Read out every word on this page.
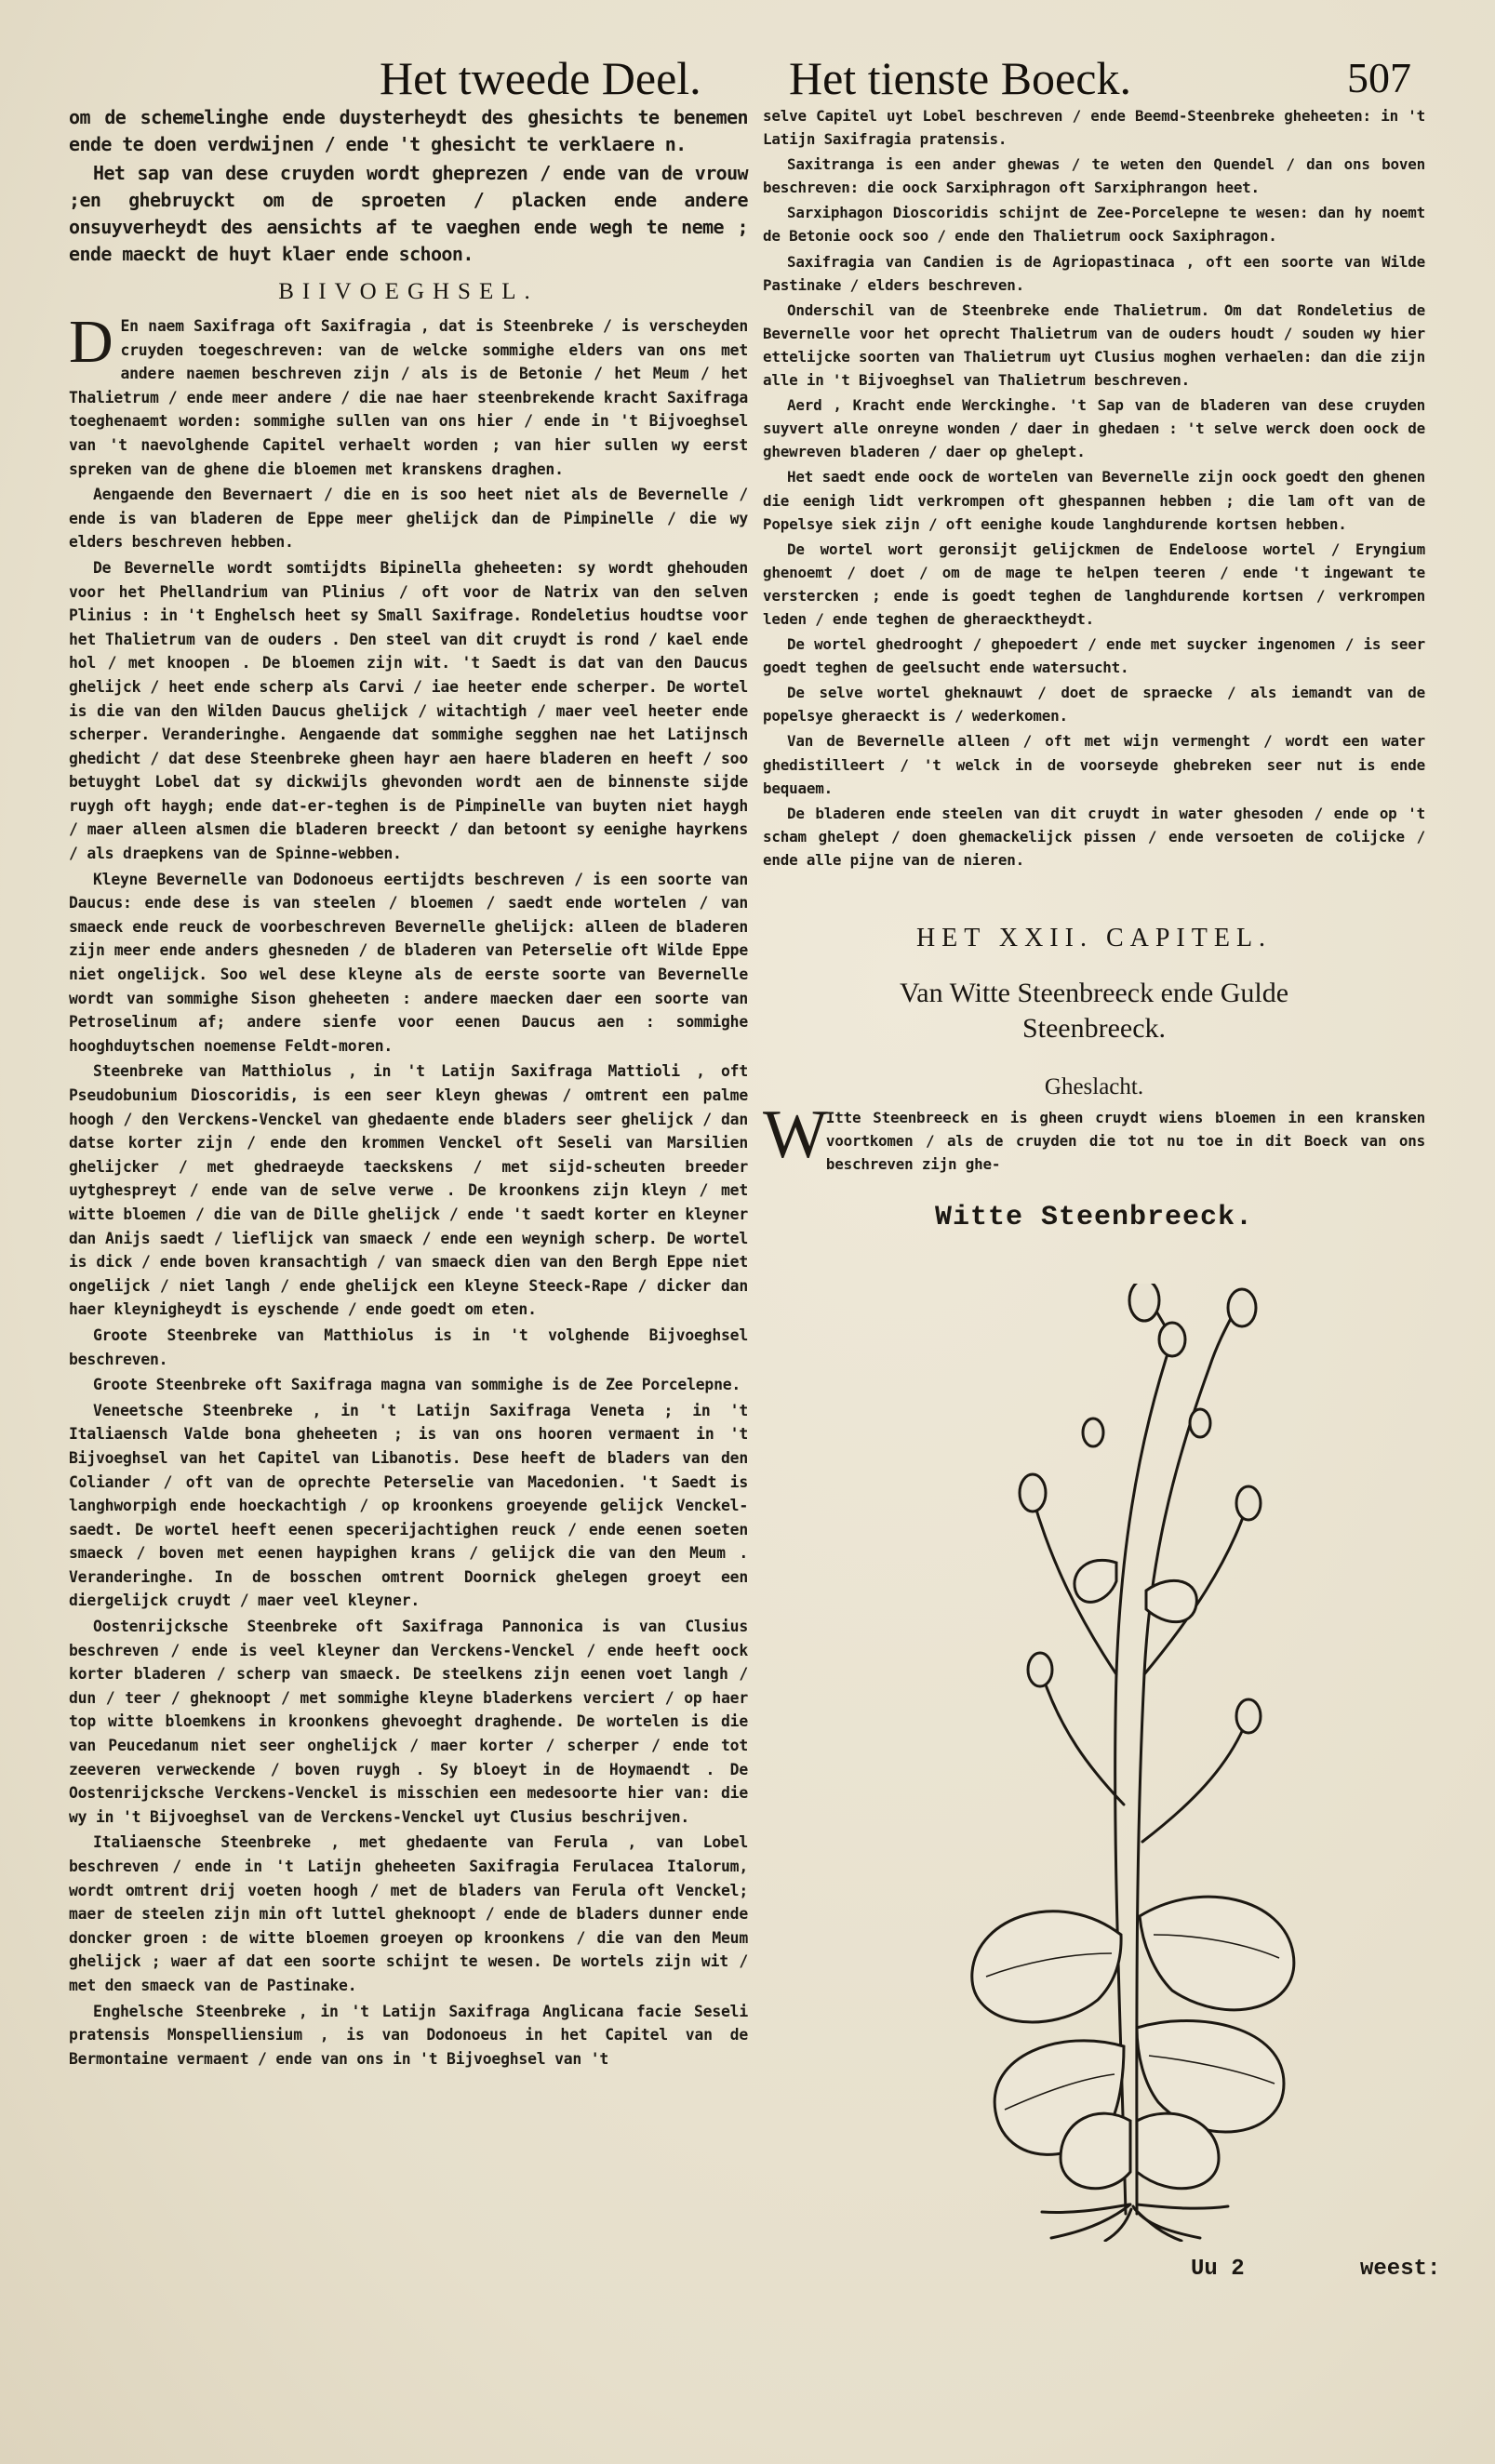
Het tweede Deel. Het tienste Boeck.	507

om de schemelinghe ende duysterheydt des ghesichts te benemen ende te doen verdwijnen / ende 't ghesicht te verklaere n.

Het sap van dese cruyden wordt gheprezen / ende van de vrouw ;en ghebruyckt om de sproeten / placken ende andere onsuyverheydt des aensichts af te vaeghen ende wegh te neme ; ende maeckt de huyt klaer ende schoon.

BIIVOEGHSEL.

D En naem Saxifraga oft Saxifragia , dat is Steenbreke / is verscheyden cruyden toegeschreven: van de welcke sommighe elders van ons met andere naemen beschreven zijn / als is de Betonie / het Meum / het Thalietrum / ende meer andere / die nae haer steenbrekende kracht Saxifraga toeghenaemt worden: sommighe sullen van ons hier / ende in 't Bijvoeghsel van 't naevolghende Capitel verhaelt worden ; van hier sullen wy eerst spreken van de ghene die bloemen met kranskens draghen.

Aengaende den Bevernaert / die en is soo heet niet als de Bevernelle / ende is van bladeren de Eppe meer ghelijck dan de Pimpinelle / die wy elders beschreven hebben.

De Bevernelle wordt somtijdts Bipinella gheheeten: sy wordt ghehouden voor het Phellandrium van Plinius / oft voor de Natrix van den selven Plinius : in 't Enghelsch heet sy Small Saxifrage. Rondeletius houdtse voor het Thalietrum van de ouders . Den steel van dit cruydt is rond / kael ende hol / met knoopen . De bloemen zijn wit. 't Saedt is dat van den Daucus ghelijck / heet ende scherp als Carvi / iae heeter ende scherper. De wortel is die van den Wilden Daucus ghelijck / witachtigh / maer veel heeter ende scherper. Veranderinghe. Aengaende dat sommighe segghen nae het Latijnsch ghedicht / dat dese Steenbreke gheen hayr aen haere bladeren en heeft / soo betuyght Lobel dat sy dickwijls ghevonden wordt aen de binnenste sijde ruygh oft haygh; ende dat-er-teghen is de Pimpinelle van buyten niet haygh / maer alleen alsmen die bladeren breeckt / dan betoont sy eenighe hayrkens / als draepkens van de Spinne-webben.

Kleyne Bevernelle van Dodonoeus eertijdts beschreven / is een soorte van Daucus: ende dese is van steelen / bloemen / saedt ende wortelen / van smaeck ende reuck de voorbeschreven Bevernelle ghelijck: alleen de bladeren zijn meer ende anders ghesneden / de bladeren van Peterselie oft Wilde Eppe niet ongelijck. Soo wel dese kleyne als de eerste soorte van Bevernelle wordt van sommighe Sison gheheeten : andere maecken daer een soorte van Petroselinum af; andere sienfe voor eenen Daucus aen : sommighe hooghduytschen noemense Feldt-moren.

Steenbreke van Matthiolus , in 't Latijn Saxifraga Mattioli , oft Pseudobunium Dioscoridis, is een seer kleyn ghewas / omtrent een palme hoogh / den Verckens-Venckel van ghedaente ende bladers seer ghelijck / dan datse korter zijn / ende den krommen Venckel oft Seseli van Marsilien ghelijcker / met ghedraeyde taeckskens / met sijd-scheuten breeder uytghespreyt / ende van de selve verwe . De kroonkens zijn kleyn / met witte bloemen / die van de Dille ghelijck / ende 't saedt korter en kleyner dan Anijs saedt / lieflijck van smaeck / ende een weynigh scherp. De wortel is dick / ende boven kransachtigh / van smaeck dien van den Bergh Eppe niet ongelijck / niet langh / ende ghelijck een kleyne Steeck-Rape / dicker dan haer kleynigheydt is eyschende / ende goedt om eten.

Groote Steenbreke van Matthiolus is in 't volghende Bijvoeghsel beschreven.

Groote Steenbreke oft Saxifraga magna van sommighe is de Zee Porcelepne.

Veneetsche Steenbreke , in 't Latijn Saxifraga Veneta ; in 't Italiaensch Valde bona gheheeten ; is van ons hooren vermaent in 't Bijvoeghsel van het Capitel van Libanotis. Dese heeft de bladers van den Coliander / oft van de oprechte Peterselie van Macedonien. 't Saedt is langhworpigh ende hoeckachtigh / op kroonkens groeyende gelijck Venckel-saedt. De wortel heeft eenen specerijachtighen reuck / ende eenen soeten smaeck / boven met eenen haypighen krans / gelijck die van den Meum . Veranderinghe. In de bosschen omtrent Doornick ghelegen groeyt een diergelijck cruydt / maer veel kleyner.

Oostenrijcksche Steenbreke oft Saxifraga Pannonica is van Clusius beschreven / ende is veel kleyner dan Verckens-Venckel / ende heeft oock korter bladeren / scherp van smaeck. De steelkens zijn eenen voet langh / dun / teer / gheknoopt / met sommighe kleyne bladerkens verciert / op haer top witte bloemkens in kroonkens ghevoeght draghende. De wortelen is die van Peucedanum niet seer onghelijck / maer korter / scherper / ende tot zeeveren verweckende / boven ruygh . Sy bloeyt in de Hoymaendt . De Oostenrijcksche Verckens-Venckel is misschien een medesoorte hier van: die wy in 't Bijvoeghsel van de Verckens-Venckel uyt Clusius beschrijven.

Italiaensche Steenbreke , met ghedaente van Ferula , van Lobel beschreven / ende in 't Latijn gheheeten Saxifragia Ferulacea Italorum, wordt omtrent drij voeten hoogh / met de bladers van Ferula oft Venckel; maer de steelen zijn min oft luttel gheknoopt / ende de bladers dunner ende doncker groen : de witte bloemen groeyen op kroonkens / die van den Meum ghelijck ; waer af dat een soorte schijnt te wesen. De wortels zijn wit / met den smaeck van de Pastinake.

Enghelsche Steenbreke , in 't Latijn Saxifraga Anglicana facie Seseli pratensis Monspelliensium , is van Dodonoeus in het Capitel van de Bermontaine vermaent / ende van ons in 't Bijvoeghsel van 't

selve Capitel uyt Lobel beschreven / ende Beemd-Steenbreke gheheeten: in 't Latijn Saxifragia pratensis.

Saxitranga is een ander ghewas / te weten den Quendel / dan ons boven beschreven: die oock Sarxiphragon oft Sarxiphrangon heet.

Sarxiphagon Dioscoridis schijnt de Zee-Porcelepne te wesen: dan hy noemt de Betonie oock soo / ende den Thalietrum oock Saxiphragon.

Saxifragia van Candien is de Agriopastinaca , oft een soorte van Wilde Pastinake / elders beschreven.

Onderschil van de Steenbreke ende Thalietrum. Om dat Rondeletius de Bevernelle voor het oprecht Thalietrum van de ouders houdt / souden wy hier ettelijcke soorten van Thalietrum uyt Clusius moghen verhaelen: dan die zijn alle in 't Bijvoeghsel van Thalietrum beschreven.

Aerd , Kracht ende Werckinghe. 't Sap van de bladeren van dese cruyden suyvert alle onreyne wonden / daer in ghedaen : 't selve werck doen oock de ghewreven bladeren / daer op ghelept.

Het saedt ende oock de wortelen van Bevernelle zijn oock goedt den ghenen die eenigh lidt verkrompen oft ghespannen hebben ; die lam oft van de Popelsye siek zijn / oft eenighe koude langhdurende kortsen hebben.

De wortel wort geronsijt gelijckmen de Endeloose wortel / Eryngium ghenoemt / doet / om de mage te helpen teeren / ende 't ingewant te verstercken ; ende is goedt teghen de langhdurende kortsen / verkrompen leden / ende teghen de gheraecktheydt.

De wortel ghedrooght / ghepoedert / ende met suycker ingenomen / is seer goedt teghen de geelsucht ende watersucht.

De selve wortel gheknauwt / doet de spraecke / als iemandt van de popelsye gheraeckt is / wederkomen.

Van de Bevernelle alleen / oft met wijn vermenght / wordt een water ghedistilleert / 't welck in de voorseyde ghebreken seer nut is ende bequaem.

De bladeren ende steelen van dit cruydt in water ghesoden / ende op 't scham ghelept / doen ghemackelijck pissen / ende versoeten de colijcke / ende alle pijne van de nieren.

HET XXII. CAPITEL.
Van Witte Steenbreeck ende Gulde
Steenbreeck.
Gheslacht.

W Itte Steenbreeck en is gheen cruydt wiens bloemen in een kransken voortkomen / als de cruyden die tot nu toe in dit Boeck van ons beschreven zijn ghe-

Witte Steenbreeck.
Uu 2	weest:
